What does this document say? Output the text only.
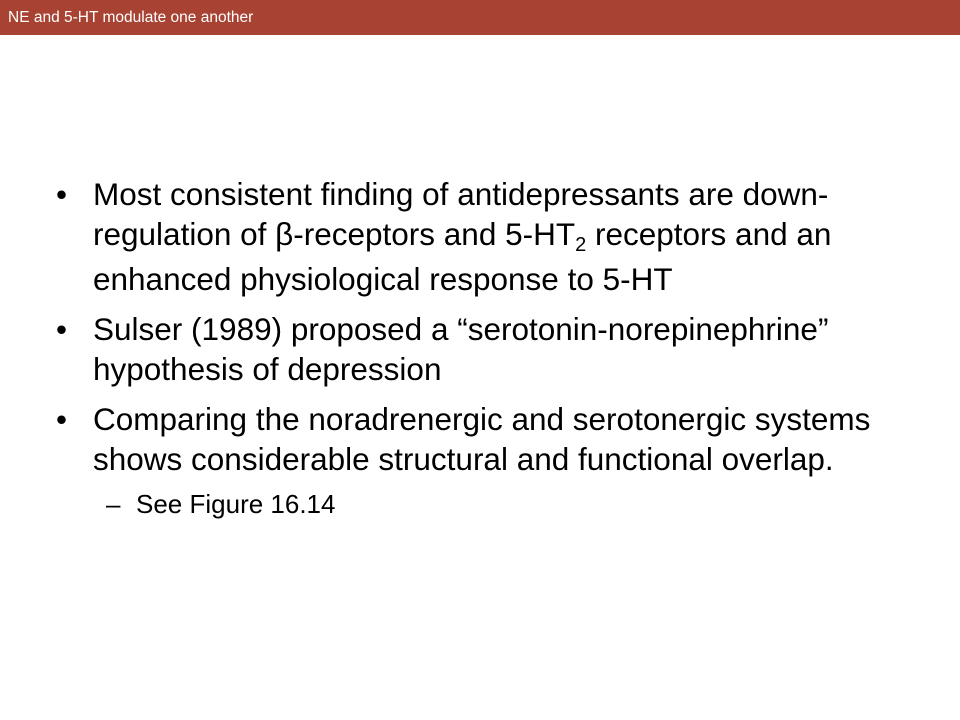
NE and 5-HT modulate one another
• Most consistent finding of antidepressants are down-regulation of β-receptors and $5-HT_2$ receptors and an enhanced physiological response to 5-HT
• Sulser (1989) proposed a “serotonin-norepinephrine” hypothesis of depression
• Comparing the noradrenergic and serotonergic systems shows considerable structural and functional overlap.
– See Figure 16.14
